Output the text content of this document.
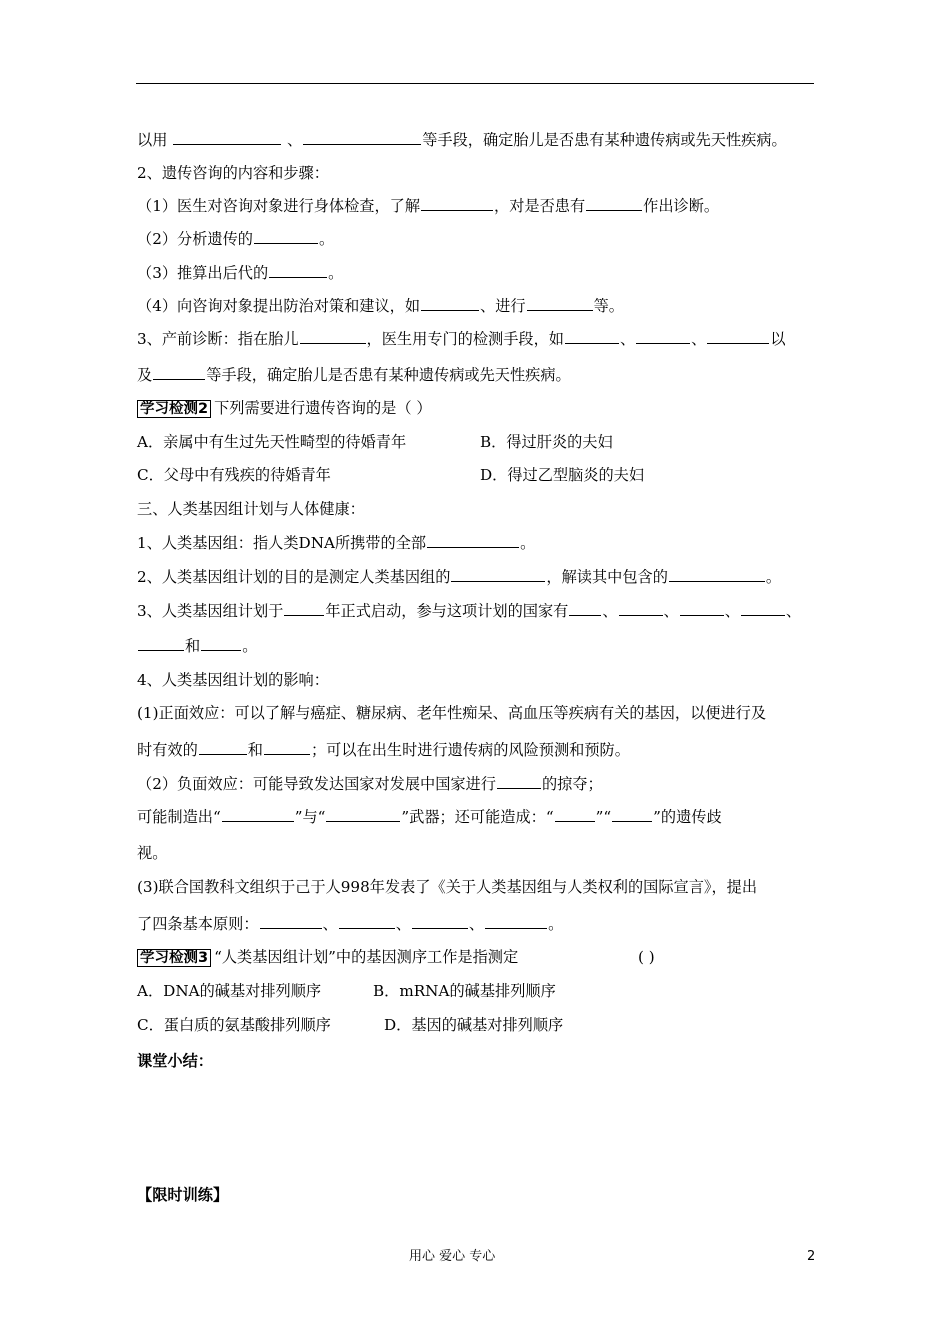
以用	、	等手段，确定胎儿是否患有某种遗传病或先天性疾病。
2、遗传咨询的内容和步骤：
（1）医生对咨询对象进行身体检查，了解	，对是否患有	作出诊断。
（2）分析遗传的	。
（3）推算出后代的	。
（4）向咨询对象提出防治对策和建议，如	、进行	等。
3、产前诊断：指在胎儿	，医生用专门的检测手段，如	、	、	以
及	等手段，确定胎儿是否患有某种遗传病或先天性疾病。
学习检测2 下列需要进行遗传咨询的是（ ）
A．亲属中有生过先天性畸型的待婚青年	B．得过肝炎的夫妇
C．父母中有残疾的待婚青年	D．得过乙型脑炎的夫妇
三、人类基因组计划与人体健康：
1、人类基因组：指人类DNA所携带的全部	。
2、人类基因组计划的目的是测定人类基因组的	，解读其中包含的	。
3、人类基因组计划于	年正式启动，参与这项计划的国家有 、	、	、	、
和	。
4、人类基因组计划的影响：
(1)正面效应：可以了解与癌症、糖尿病、老年性痴呆、高血压等疾病有关的基因，以便进行及
时有效的	和	；可以在出生时进行遗传病的风险预测和预防。
（2）负面效应：可能导致发达国家对发展中国家进行	的掠夺；
可能制造出“	”与“	”武器；还可能造成：“	”“	”的遗传歧
视。
(3)联合国教科文组织于己于人998年发表了《关于人类基因组与人类权利的国际宣言》，提出
了四条基本原则：	、	、	、	。
学习检测3 “人类基因组计划”中的基因测序工作是指测定	( )
A．DNA的碱基对排列顺序	B．mRNA的碱基排列顺序
C．蛋白质的氨基酸排列顺序	D．基因的碱基对排列顺序
课堂小结：
【限时训练】
用心 爱心 专心	2
